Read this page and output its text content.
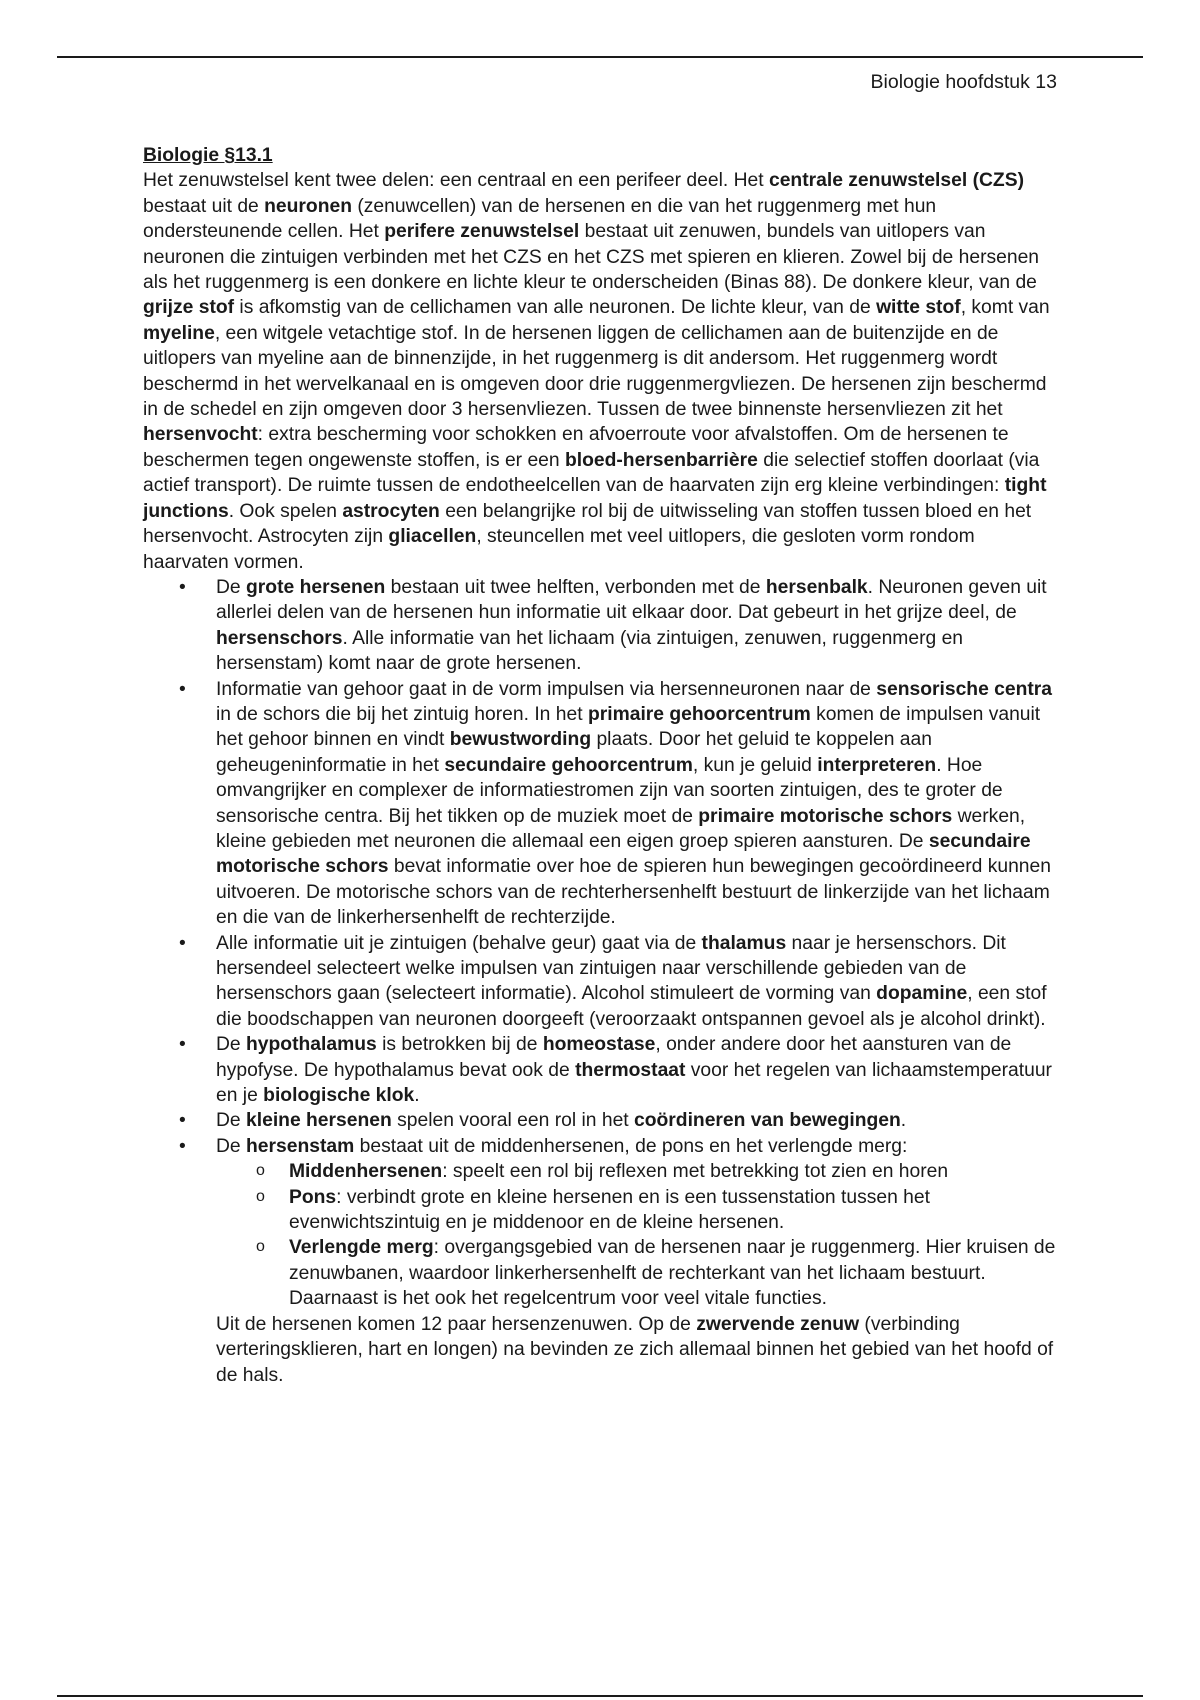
Biologie hoofdstuk 13
Biologie §13.1

Het zenuwstelsel kent twee delen: een centraal en een perifeer deel. Het centrale zenuwstelsel (CZS) bestaat uit de neuronen (zenuwcellen) van de hersenen en die van het ruggenmerg met hun ondersteunende cellen. Het perifere zenuwstelsel bestaat uit zenuwen, bundels van uitlopers van neuronen die zintuigen verbinden met het CZS en het CZS met spieren en klieren. Zowel bij de hersenen als het ruggenmerg is een donkere en lichte kleur te onderscheiden (Binas 88). De donkere kleur, van de grijze stof is afkomstig van de cellichamen van alle neuronen. De lichte kleur, van de witte stof, komt van myeline, een witgele vetachtige stof. In de hersenen liggen de cellichamen aan de buitenzijde en de uitlopers van myeline aan de binnenzijde, in het ruggenmerg is dit andersom. Het ruggenmerg wordt beschermd in het wervelkanaal en is omgeven door drie ruggenmergvliezen. De hersenen zijn beschermd in de schedel en zijn omgeven door 3 hersenvliezen. Tussen de twee binnenste hersenvliezen zit het hersenvocht: extra bescherming voor schokken en afvoerroute voor afvalstoffen. Om de hersenen te beschermen tegen ongewenste stoffen, is er een bloed-hersenbarrière die selectief stoffen doorlaat (via actief transport). De ruimte tussen de endotheelcellen van de haarvaten zijn erg kleine verbindingen: tight junctions. Ook spelen astrocyten een belangrijke rol bij de uitwisseling van stoffen tussen bloed en het hersenvocht. Astrocyten zijn gliacellen, steuncellen met veel uitlopers, die gesloten vorm rondom haarvaten vormen.

• De grote hersenen bestaan uit twee helften, verbonden met de hersenbalk. Neuronen geven uit allerlei delen van de hersenen hun informatie uit elkaar door. Dat gebeurt in het grijze deel, de hersenschors. Alle informatie van het lichaam (via zintuigen, zenuwen, ruggenmerg en hersenstam) komt naar de grote hersenen.
• Informatie van gehoor gaat in de vorm impulsen via hersenneuronen naar de sensorische centra in de schors die bij het zintuig horen. In het primaire gehoorcentrum komen de impulsen vanuit het gehoor binnen en vindt bewustwording plaats. Door het geluid te koppelen aan geheugeninformatie in het secundaire gehoorcentrum, kun je geluid interpreteren. Hoe omvangrijker en complexer de informatiestromen zijn van soorten zintuigen, des te groter de sensorische centra. Bij het tikken op de muziek moet de primaire motorische schors werken, kleine gebieden met neuronen die allemaal een eigen groep spieren aansturen. De secundaire motorische schors bevat informatie over hoe de spieren hun bewegingen gecoördineerd kunnen uitvoeren. De motorische schors van de rechterhersenhelft bestuurt de linkerzijde van het lichaam en die van de linkerhersenhelft de rechterzijde.
• Alle informatie uit je zintuigen (behalve geur) gaat via de thalamus naar je hersenschors. Dit hersendeel selecteert welke impulsen van zintuigen naar verschillende gebieden van de hersenschors gaan (selecteert informatie). Alcohol stimuleert de vorming van dopamine, een stof die boodschappen van neuronen doorgeeft (veroorzaakt ontspannen gevoel als je alcohol drinkt).
• De hypothalamus is betrokken bij de homeostase, onder andere door het aansturen van de hypofyse. De hypothalamus bevat ook de thermostaat voor het regelen van lichaamstemperatuur en je biologische klok.
• De kleine hersenen spelen vooral een rol in het coördineren van bewegingen.
• De hersenstam bestaat uit de middenhersenen, de pons en het verlengde merg:
o Middenhersenen: speelt een rol bij reflexen met betrekking tot zien en horen
o Pons: verbindt grote en kleine hersenen en is een tussenstation tussen het evenwichtszintuig en je middenoor en de kleine hersenen.
o Verlengde merg: overgangsgebied van de hersenen naar je ruggenmerg. Hier kruisen de zenuwbanen, waardoor linkerhersenhelft de rechterkant van het lichaam bestuurt. Daarnaast is het ook het regelcentrum voor veel vitale functies.

Uit de hersenen komen 12 paar hersenzenuwen. Op de zwervende zenuw (verbinding verteringsklieren, hart en longen) na bevinden ze zich allemaal binnen het gebied van het hoofd of de hals.
